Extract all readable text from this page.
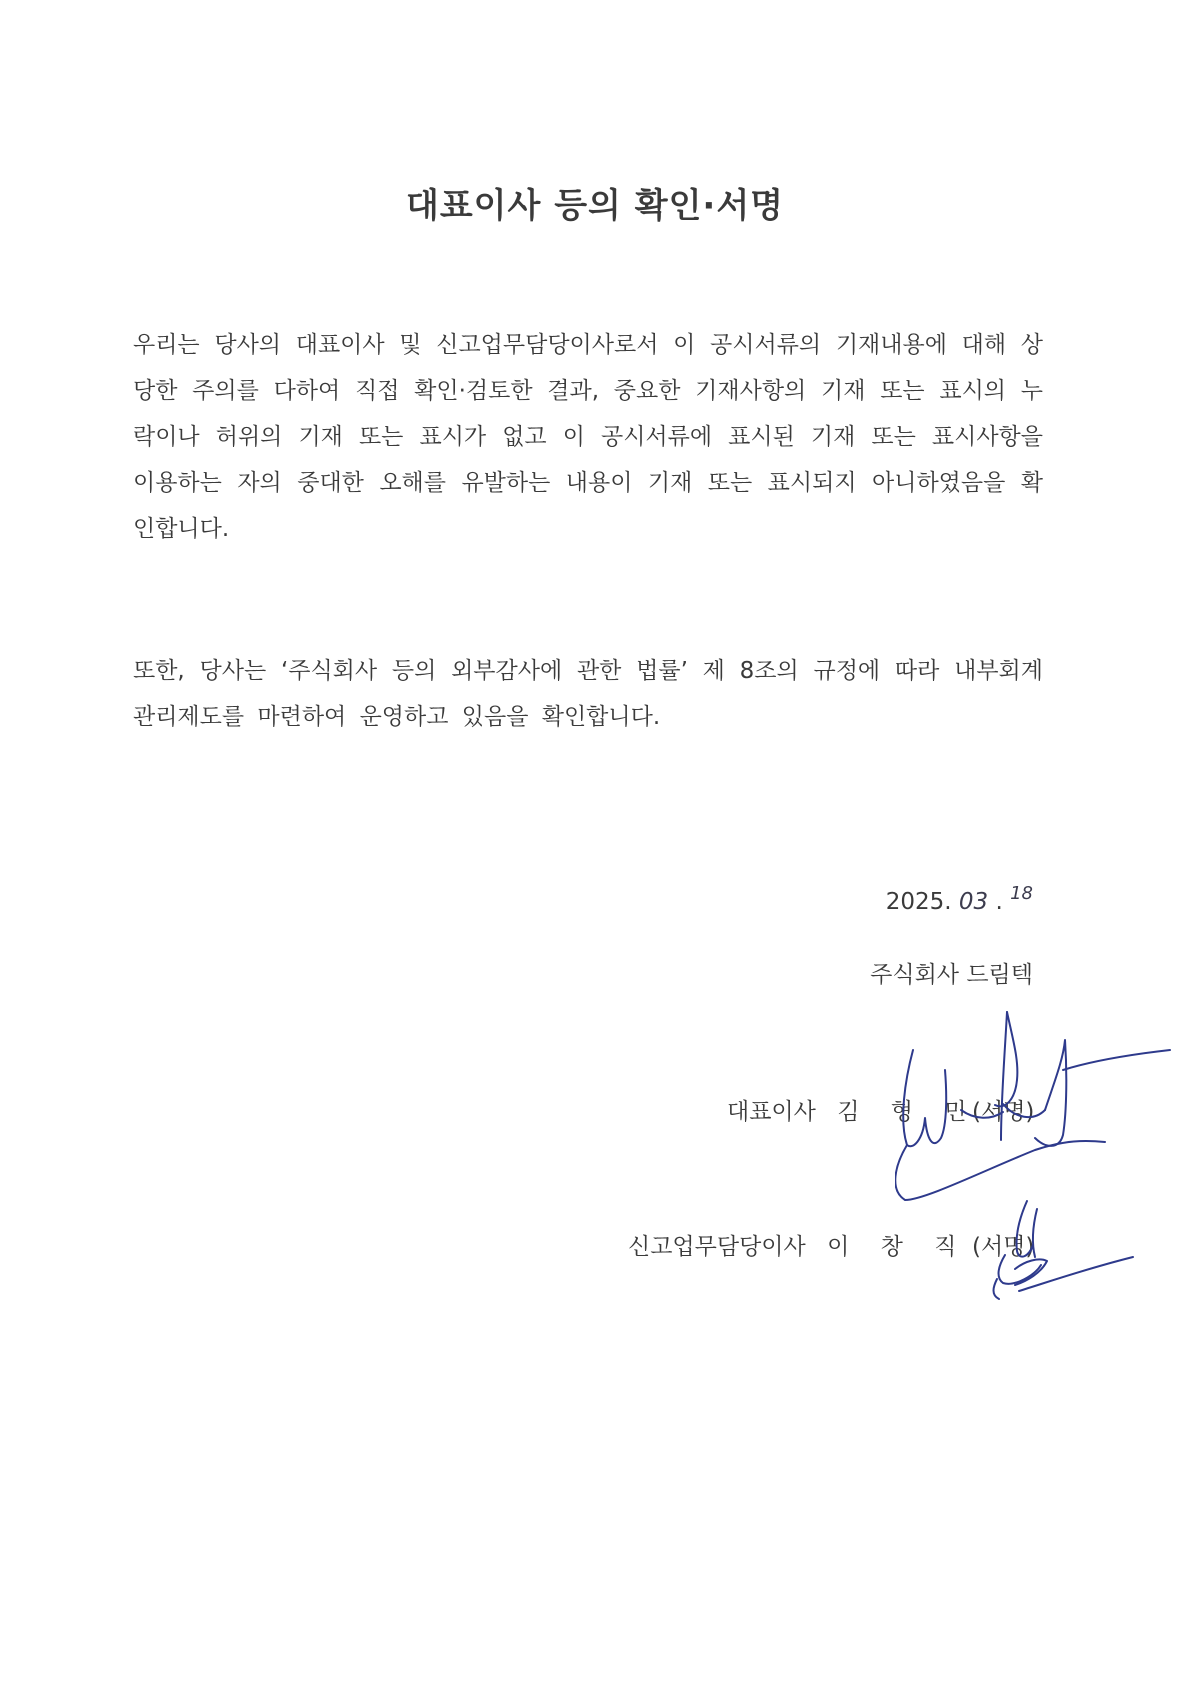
대표이사 등의 확인·서명
우리는 당사의 대표이사 및 신고업무담당이사로서 이 공시서류의 기재내용에 대해 상당한 주의를 다하여 직접 확인·검토한 결과, 중요한 기재사항의 기재 또는 표시의 누락이나 허위의 기재 또는 표시가 없고 이 공시서류에 표시된 기재 또는 표시사항을 이용하는 자의 중대한 오해를 유발하는 내용이 기재 또는 표시되지 아니하였음을 확인합니다.
또한, 당사는 ‘주식회사 등의 외부감사에 관한 법률’ 제 8조의 규정에 따라 내부회계 관리제도를 마련하여 운영하고 있음을 확인합니다.
2025. 03 . $^{18}$
주식회사 드림텍
대표이사 김 형 민
(서명)
신고업무담당이사 이 창 직 (서명)
